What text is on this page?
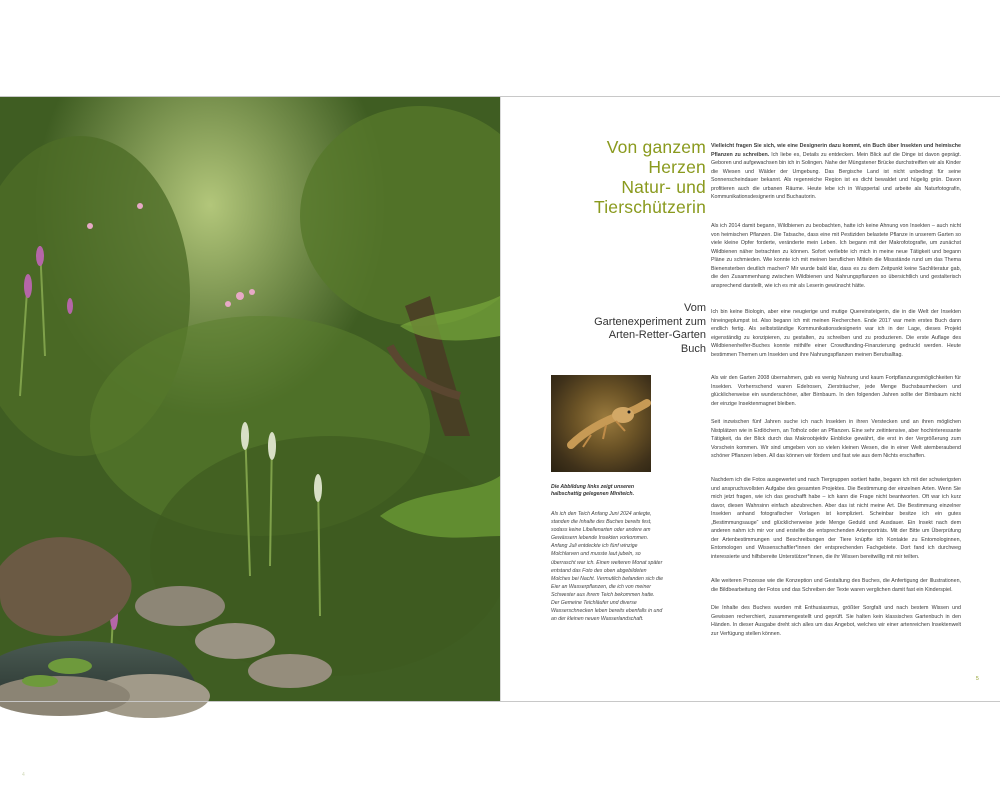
4
Von ganzem
Herzen
Natur- und
Tierschützerin
Vom
Gartenexperiment zum
Arten-Retter-Garten
Buch
Die Abbildung links zeigt unseren halbschattig gelegenen Miniteich.
Als ich den Teich Anfang Juni 2024 anlegte, standen die Inhalte des Buches bereits fest, sodass keine Libellenarten oder andere am Gewässern lebende Insekten vorkommen. Anfang Juli entdeckte ich fünf winzige Molchlarven und musste laut jubeln, so überrascht war ich. Einen weiteren Monat später entstand das Foto des oben abgebildeten Molches bei Nacht. Vermutlich befanden sich die Eier an Wasserpflanzen, die ich von meiner Schwester aus ihrem Teich bekommen hatte. Der Gemeine Teichläufer und diverse Wasserschnecken leben bereits ebenfalls in und an der kleinen neuen Wasserlandschaft.

Vielleicht fragen Sie sich, wie eine Designerin dazu kommt, ein Buch über Insekten und heimische Pflanzen zu schreiben. Ich liebe es, Details zu entdecken. Mein Blick auf die Dinge ist davon geprägt. Geboren und aufgewachsen bin ich in Solingen. Nahe der Müngstener Brücke durchstreiften wir als Kinder die Wiesen und Wälder der Umgebung. Das Bergische Land ist nicht unbedingt für seine Sonnenscheindauer bekannt. Als regenreiche Region ist es dicht bewaldet und hügelig grün. Davon profitieren auch die urbanen Räume. Heute lebe ich in Wuppertal und arbeite als Naturfotografin, Kommunikationsdesignerin und Buchautorin.

Als ich 2014 damit begann, Wildbienen zu beobachten, hatte ich keine Ahnung von Insekten – auch nicht von heimischen Pflanzen. Die Tatsache, dass eine mit Pestiziden belastete Pflanze in unserem Garten so viele kleine Opfer forderte, veränderte mein Leben. Ich begann mit der Makrofotografie, um zunächst Wildbienen näher betrachten zu können. Sofort verliebte ich mich in meine neue Tätigkeit und begann Pläne zu schmieden. Wie konnte ich mit meinen beruflichen Mitteln die Missstände rund um das Thema Bienensterben deutlich machen? Mir wurde bald klar, dass es zu dem Zeitpunkt keine Sachliteratur gab, die den Zusammenhang zwischen Wildbienen und Nahrungspflanzen so übersichtlich und gestalterisch ansprechend darstellt, wie ich es mir als Leserin gewünscht hätte.

Ich bin keine Biologin, aber eine neugierige und mutige Quereinsteigerin, die in die Welt der Insekten hineingeplumpst ist. Also begann ich mit meinen Recherchen. Ende 2017 war mein erstes Buch dann endlich fertig. Als selbstständige Kommunikationsdesignerin war ich in der Lage, dieses Projekt eigenständig zu konzipieren, zu gestalten, zu schreiben und zu produzieren. Die erste Auflage des Wildbienenhelfer-Buches konnte mithilfe einer Crowdfunding-Finanzierung gedruckt werden. Heute bestimmen Themen um Insekten und ihre Nahrungspflanzen meinen Berufsalltag.

Als wir den Garten 2008 übernahmen, gab es wenig Nahrung und kaum Fortpflanzungsmöglichkeiten für Insekten. Vorherrschend waren Edelrosen, Ziersträucher, jede Menge Buchsbaumhecken und glücklicherweise ein wunderschöner, alter Birnbaum. In den folgenden Jahren sollte der Birnbaum nicht der einzige Insektenmagnet bleiben.

Seit inzwischen fünf Jahren suche ich nach Insekten in ihren Verstecken und an ihren möglichen Nistplätzen wie in Erdlöchern, an Totholz oder an Pflanzen. Eine sehr zeitintensive, aber hochinteressante Tätigkeit, da der Blick durch das Makroobjektiv Einblicke gewährt, die erst in der Vergrößerung zum Vorschein kommen. Wir sind umgeben von so vielen kleinen Wesen, die in einer Welt atemberaubend schöner Pflanzen leben. All das können wir fördern und fast wie aus dem Nichts erschaffen.

Nachdem ich die Fotos ausgewertet und nach Tiergruppen sortiert hatte, begann ich mit der schwierigsten und anspruchsvollsten Aufgabe des gesamten Projektes. Die Bestimmung der einzelnen Arten. Wenn Sie mich jetzt fragen, wie ich das geschafft habe – ich kann die Frage nicht beantworten. Oft war ich kurz davor, diesen Wahnsinn einfach abzubrechen. Aber das ist nicht meine Art. Die Bestimmung einzelner Insekten anhand fotografischer Vorlagen ist kompliziert. Scheinbar besitze ich ein gutes „Bestimmungsauge“ und glücklicherweise jede Menge Geduld und Ausdauer. Ein Insekt nach dem anderen nahm ich mir vor und erstellte die entsprechenden Artenporträts. Mit der Bitte um Überprüfung der Artenbestimmungen und Beschreibungen der Tiere knüpfte ich Kontakte zu Entomologinnen, Entomologen und Wissenschaftler*innen der entsprechenden Fachgebiete. Dort fand ich durchweg interessierte und hilfsbereite Unterstützer*innen, die ihr Wissen bereitwillig mit mir teilten.

Alle weiteren Prozesse wie die Konzeption und Gestaltung des Buches, die Anfertigung der Illustrationen, die Bildbearbeitung der Fotos und das Schreiben der Texte waren verglichen damit fast ein Kinderspiel.

Die Inhalte des Buches wurden mit Enthusiasmus, größter Sorgfalt und nach bestem Wissen und Gewissen recherchiert, zusammengestellt und geprüft. Sie halten kein klassisches Gartenbuch in den Händen. In dieser Ausgabe dreht sich alles um das Angebot, welches wir einer artenreichen Insektenwelt zur Verfügung stellen können.

5
